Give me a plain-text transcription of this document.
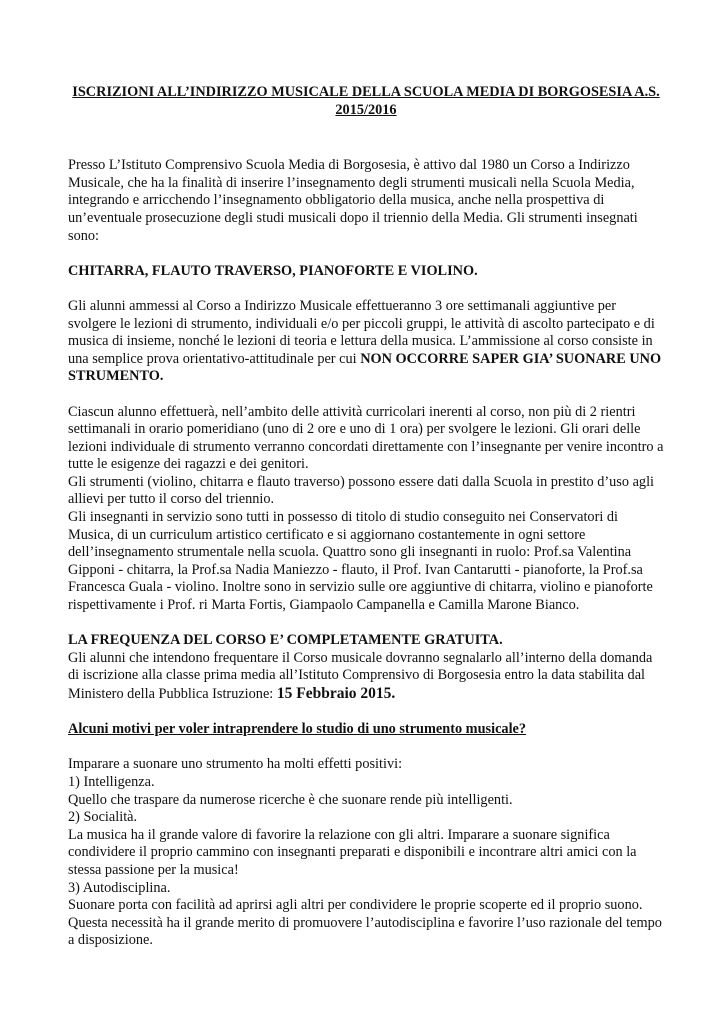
ISCRIZIONI ALL’INDIRIZZO MUSICALE DELLA SCUOLA MEDIA DI BORGOSESIA A.S.
2015/2016

Presso L’Istituto Comprensivo Scuola Media di Borgosesia, è attivo dal 1980 un Corso a Indirizzo Musicale, che ha la finalità di inserire l’insegnamento degli strumenti musicali nella Scuola Media, integrando e arricchendo l’insegnamento obbligatorio della musica, anche nella prospettiva di un’eventuale prosecuzione degli studi musicali dopo il triennio della Media. Gli strumenti insegnati sono:

CHITARRA, FLAUTO TRAVERSO, PIANOFORTE E VIOLINO.

Gli alunni ammessi al Corso a Indirizzo Musicale effettueranno 3 ore settimanali aggiuntive per svolgere le lezioni di strumento, individuali e/o per piccoli gruppi, le attività di ascolto partecipato e di musica di insieme, nonché le lezioni di teoria e lettura della musica. L’ammissione al corso consiste in una semplice prova orientativo-attitudinale per cui NON OCCORRE SAPER GIA’ SUONARE UNO STRUMENTO.

Ciascun alunno effettuerà, nell’ambito delle attività curricolari inerenti al corso, non più di 2 rientri settimanali in orario pomeridiano (uno di 2 ore e uno di 1 ora) per svolgere le lezioni. Gli orari delle lezioni individuale di strumento verranno concordati direttamente con l’insegnante per venire incontro a tutte le esigenze dei ragazzi e dei genitori.

Gli strumenti (violino, chitarra e flauto traverso) possono essere dati dalla Scuola in prestito d’uso agli allievi per tutto il corso del triennio.

Gli insegnanti in servizio sono tutti in possesso di titolo di studio conseguito nei Conservatori di Musica, di un curriculum artistico certificato e si aggiornano costantemente in ogni settore dell’insegnamento strumentale nella scuola. Quattro sono gli insegnanti in ruolo: Prof.sa Valentina Gipponi - chitarra, la Prof.sa Nadia Maniezzo - flauto, il Prof. Ivan Cantarutti - pianoforte, la Prof.sa Francesca Guala - violino. Inoltre sono in servizio sulle ore aggiuntive di chitarra, violino e pianoforte rispettivamente i Prof. ri Marta Fortis, Giampaolo Campanella e Camilla Marone Bianco.

LA FREQUENZA DEL CORSO E’ COMPLETAMENTE GRATUITA.

Gli alunni che intendono frequentare il Corso musicale dovranno segnalarlo all’interno della domanda di iscrizione alla classe prima media all’Istituto Comprensivo di Borgosesia entro la data stabilita dal Ministero della Pubblica Istruzione: 15 Febbraio 2015.

Alcuni motivi per voler intraprendere lo studio di uno strumento musicale?

Imparare a suonare uno strumento ha molti effetti positivi:

1) Intelligenza.

Quello che traspare da numerose ricerche è che suonare rende più intelligenti.

2) Socialità.

La musica ha il grande valore di favorire la relazione con gli altri. Imparare a suonare significa condividere il proprio cammino con insegnanti preparati e disponibili e incontrare altri amici con la stessa passione per la musica!

3) Autodisciplina.

Suonare porta con facilità ad aprirsi agli altri per condividere le proprie scoperte ed il proprio suono. Questa necessità ha il grande merito di promuovere l’autodisciplina e favorire l’uso razionale del tempo a disposizione.
